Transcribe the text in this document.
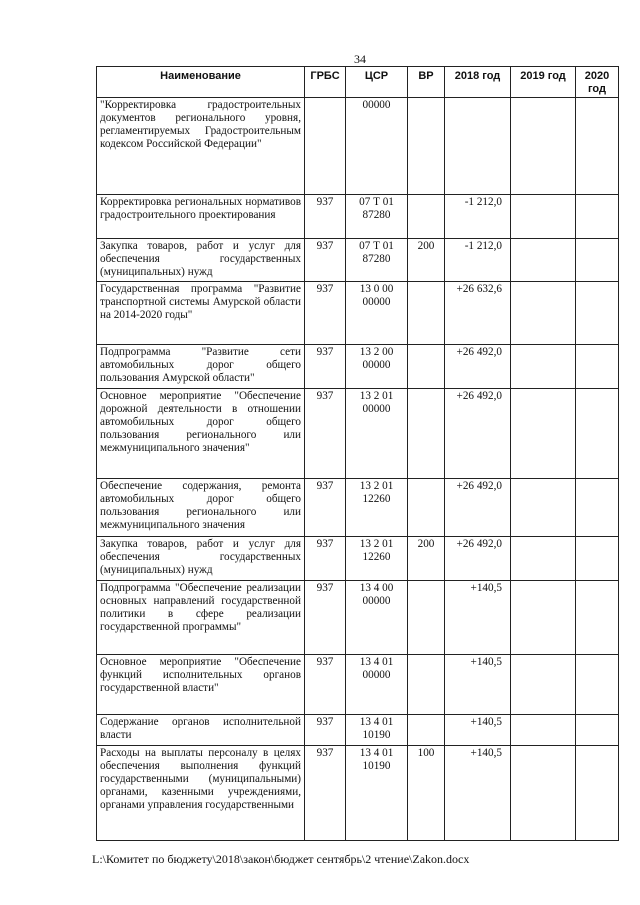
34
Наименование	ГРБС	ЦСР	ВР	2018 год	2019 год	2020 год
"Корректировка градостроительных документов регионального уровня, регламентируемых Градостроительным кодексом Российской Федерации"		00000				
Корректировка региональных нормативов градостроительного проектирования	937	07 Т 01 87280		-1 212,0		
Закупка товаров, работ и услуг для обеспечения государственных (муниципальных) нужд	937	07 Т 01 87280	200	-1 212,0		
Государственная программа "Развитие транспортной системы Амурской области на 2014-2020 годы"	937	13 0 00 00000		+26 632,6		
Подпрограмма "Развитие сети автомобильных дорог общего пользования Амурской области"	937	13 2 00 00000		+26 492,0		
Основное мероприятие "Обеспечение дорожной деятельности в отношении автомобильных дорог общего пользования регионального или межмуниципального значения"	937	13 2 01 00000		+26 492,0		
Обеспечение содержания, ремонта автомобильных дорог общего пользования регионального или межмуниципального значения	937	13 2 01 12260		+26 492,0		
Закупка товаров, работ и услуг для обеспечения государственных (муниципальных) нужд	937	13 2 01 12260	200	+26 492,0		
Подпрограмма "Обеспечение реализации основных направлений государственной политики в сфере реализации государственной программы"	937	13 4 00 00000		+140,5		
Основное мероприятие "Обеспечение функций исполнительных органов государственной власти"	937	13 4 01 00000		+140,5		
Содержание органов исполнительной власти	937	13 4 01 10190		+140,5		
Расходы на выплаты персоналу в целях обеспечения выполнения функций государственными (муниципальными) органами, казенными учреждениями, органами управления государственными	937	13 4 01 10190	100	+140,5		
L:\Комитет по бюджету\2018\закон\бюджет сентябрь\2 чтение\Zakon.docx
